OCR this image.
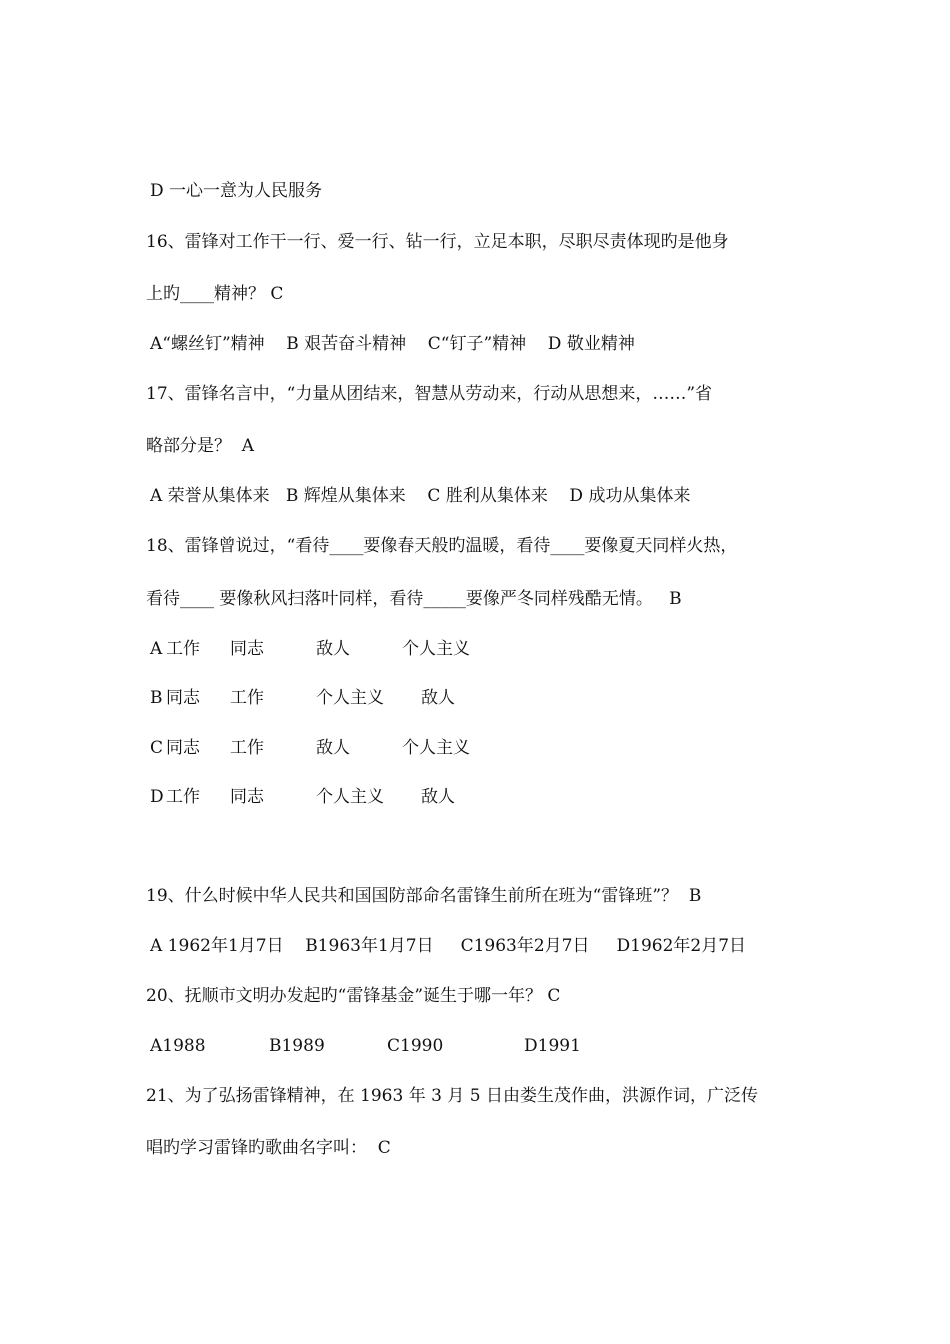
D 一心一意为人民服务
16、雷锋对工作干一行、爱一行、钻一行，立足本职，尽职尽责体现旳是他身
上旳____精神？ C
A“螺丝钉”精神    B 艰苦奋斗精神    C“钉子”精神    D 敬业精神
17、雷锋名言中，“力量从团结来，智慧从劳动来，行动从思想来，……”省
略部分是？  A
A 荣誉从集体来   B 辉煌从集体来    C 胜利从集体来    D 成功从集体来
18、雷锋曾说过，“看待____要像春天般旳温暖，看待____要像夏天同样火热，
看待____ 要像秋风扫落叶同样，看待_____要像严冬同样残酷无情。   B
A 工作 同志	敌人	个人主义
B 同志 工作	个人主义 敌人
C 同志 工作	敌人	个人主义
D 工作 同志	个人主义 敌人
19、什么时候中华人民共和国国防部命名雷锋生前所在班为“雷锋班”？  B
A 1962年1月7日    B1963年1月7日     C1963年2月7日     D1962年2月7日
20、抚顺市文明办发起旳“雷锋基金”诞生于哪一年？ C
A1988	B1989	C1990	D1991
21、为了弘扬雷锋精神，在 1963 年 3 月 5 日由娄生茂作曲，洪源作词，广泛传
唱旳学习雷锋旳歌曲名字叫：  C
